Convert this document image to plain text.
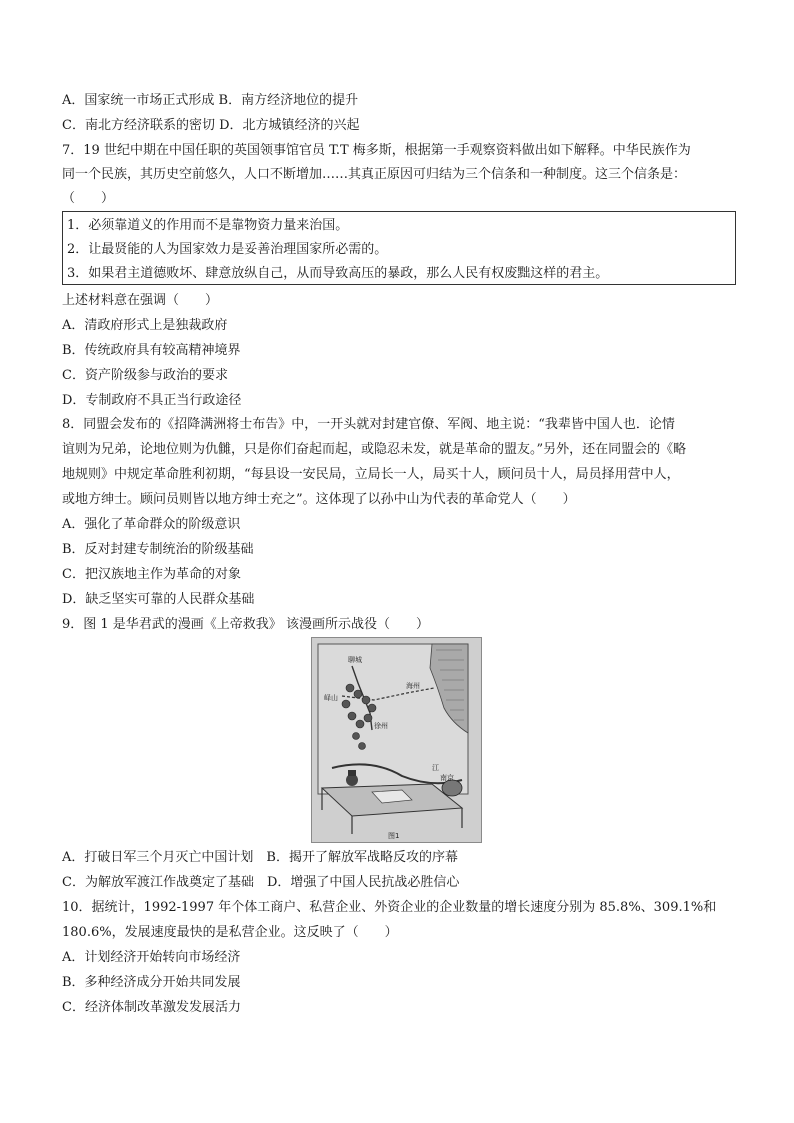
A．国家统一市场正式形成 B．南方经济地位的提升
C．南北方经济联系的密切 D．北方城镇经济的兴起
7．19 世纪中期在中国任职的英国领事馆官员 T.T 梅多斯，根据第一手观察资料做出如下解释。中华民族作为
同一个民族，其历史空前悠久，人口不断增加……其真正原因可归结为三个信条和一种制度。这三个信条是：
（　　）
1．必须靠道义的作用而不是靠物资力量来治国。
2．让最贤能的人为国家效力是妥善治理国家所必需的。
3．如果君主道德败坏、肆意放纵自己，从而导致高压的暴政，那么人民有权废黜这样的君主。
上述材料意在强调（　　）
A．清政府形式上是独裁政府
B．传统政府具有较高精神境界
C．资产阶级参与政治的要求
D．专制政府不具正当行政途径
8．同盟会发布的《招降满洲将士布告》中，一开头就对封建官僚、军阀、地主说：“我辈皆中国人也．论情
谊则为兄弟，论地位则为仇雠，只是你们奋起而起，或隐忍未发，就是革命的盟友。”另外，还在同盟会的《略
地规则》中规定革命胜利初期，“每县设一安民局，立局长一人，局买十人，顾问员十人，局员择用营中人，
或地方绅士。顾问员则皆以地方绅士充之”。这体现了以孙中山为代表的革命党人（　　）
A．强化了革命群众的阶级意识
B．反对封建专制统治的阶级基础
C．把汉族地主作为革命的对象
D．缺乏坚实可靠的人民群众基础
9．图 1 是华君武的漫画《上帝救我》 该漫画所示战役（　　）
聊城
海州
峄山
徐州
江
南京
图1
A．打破日军三个月灭亡中国计划　B．揭开了解放军战略反攻的序幕
C．为解放军渡江作战奠定了基础　D．增强了中国人民抗战必胜信心
10．据统计，1992-1997 年个体工商户、私营企业、外资企业的企业数量的增长速度分别为 85.8%、309.1%和
180.6%，发展速度最快的是私营企业。这反映了（　　）
A．计划经济开始转向市场经济
B．多种经济成分开始共同发展
C．经济体制改革激发发展活力
